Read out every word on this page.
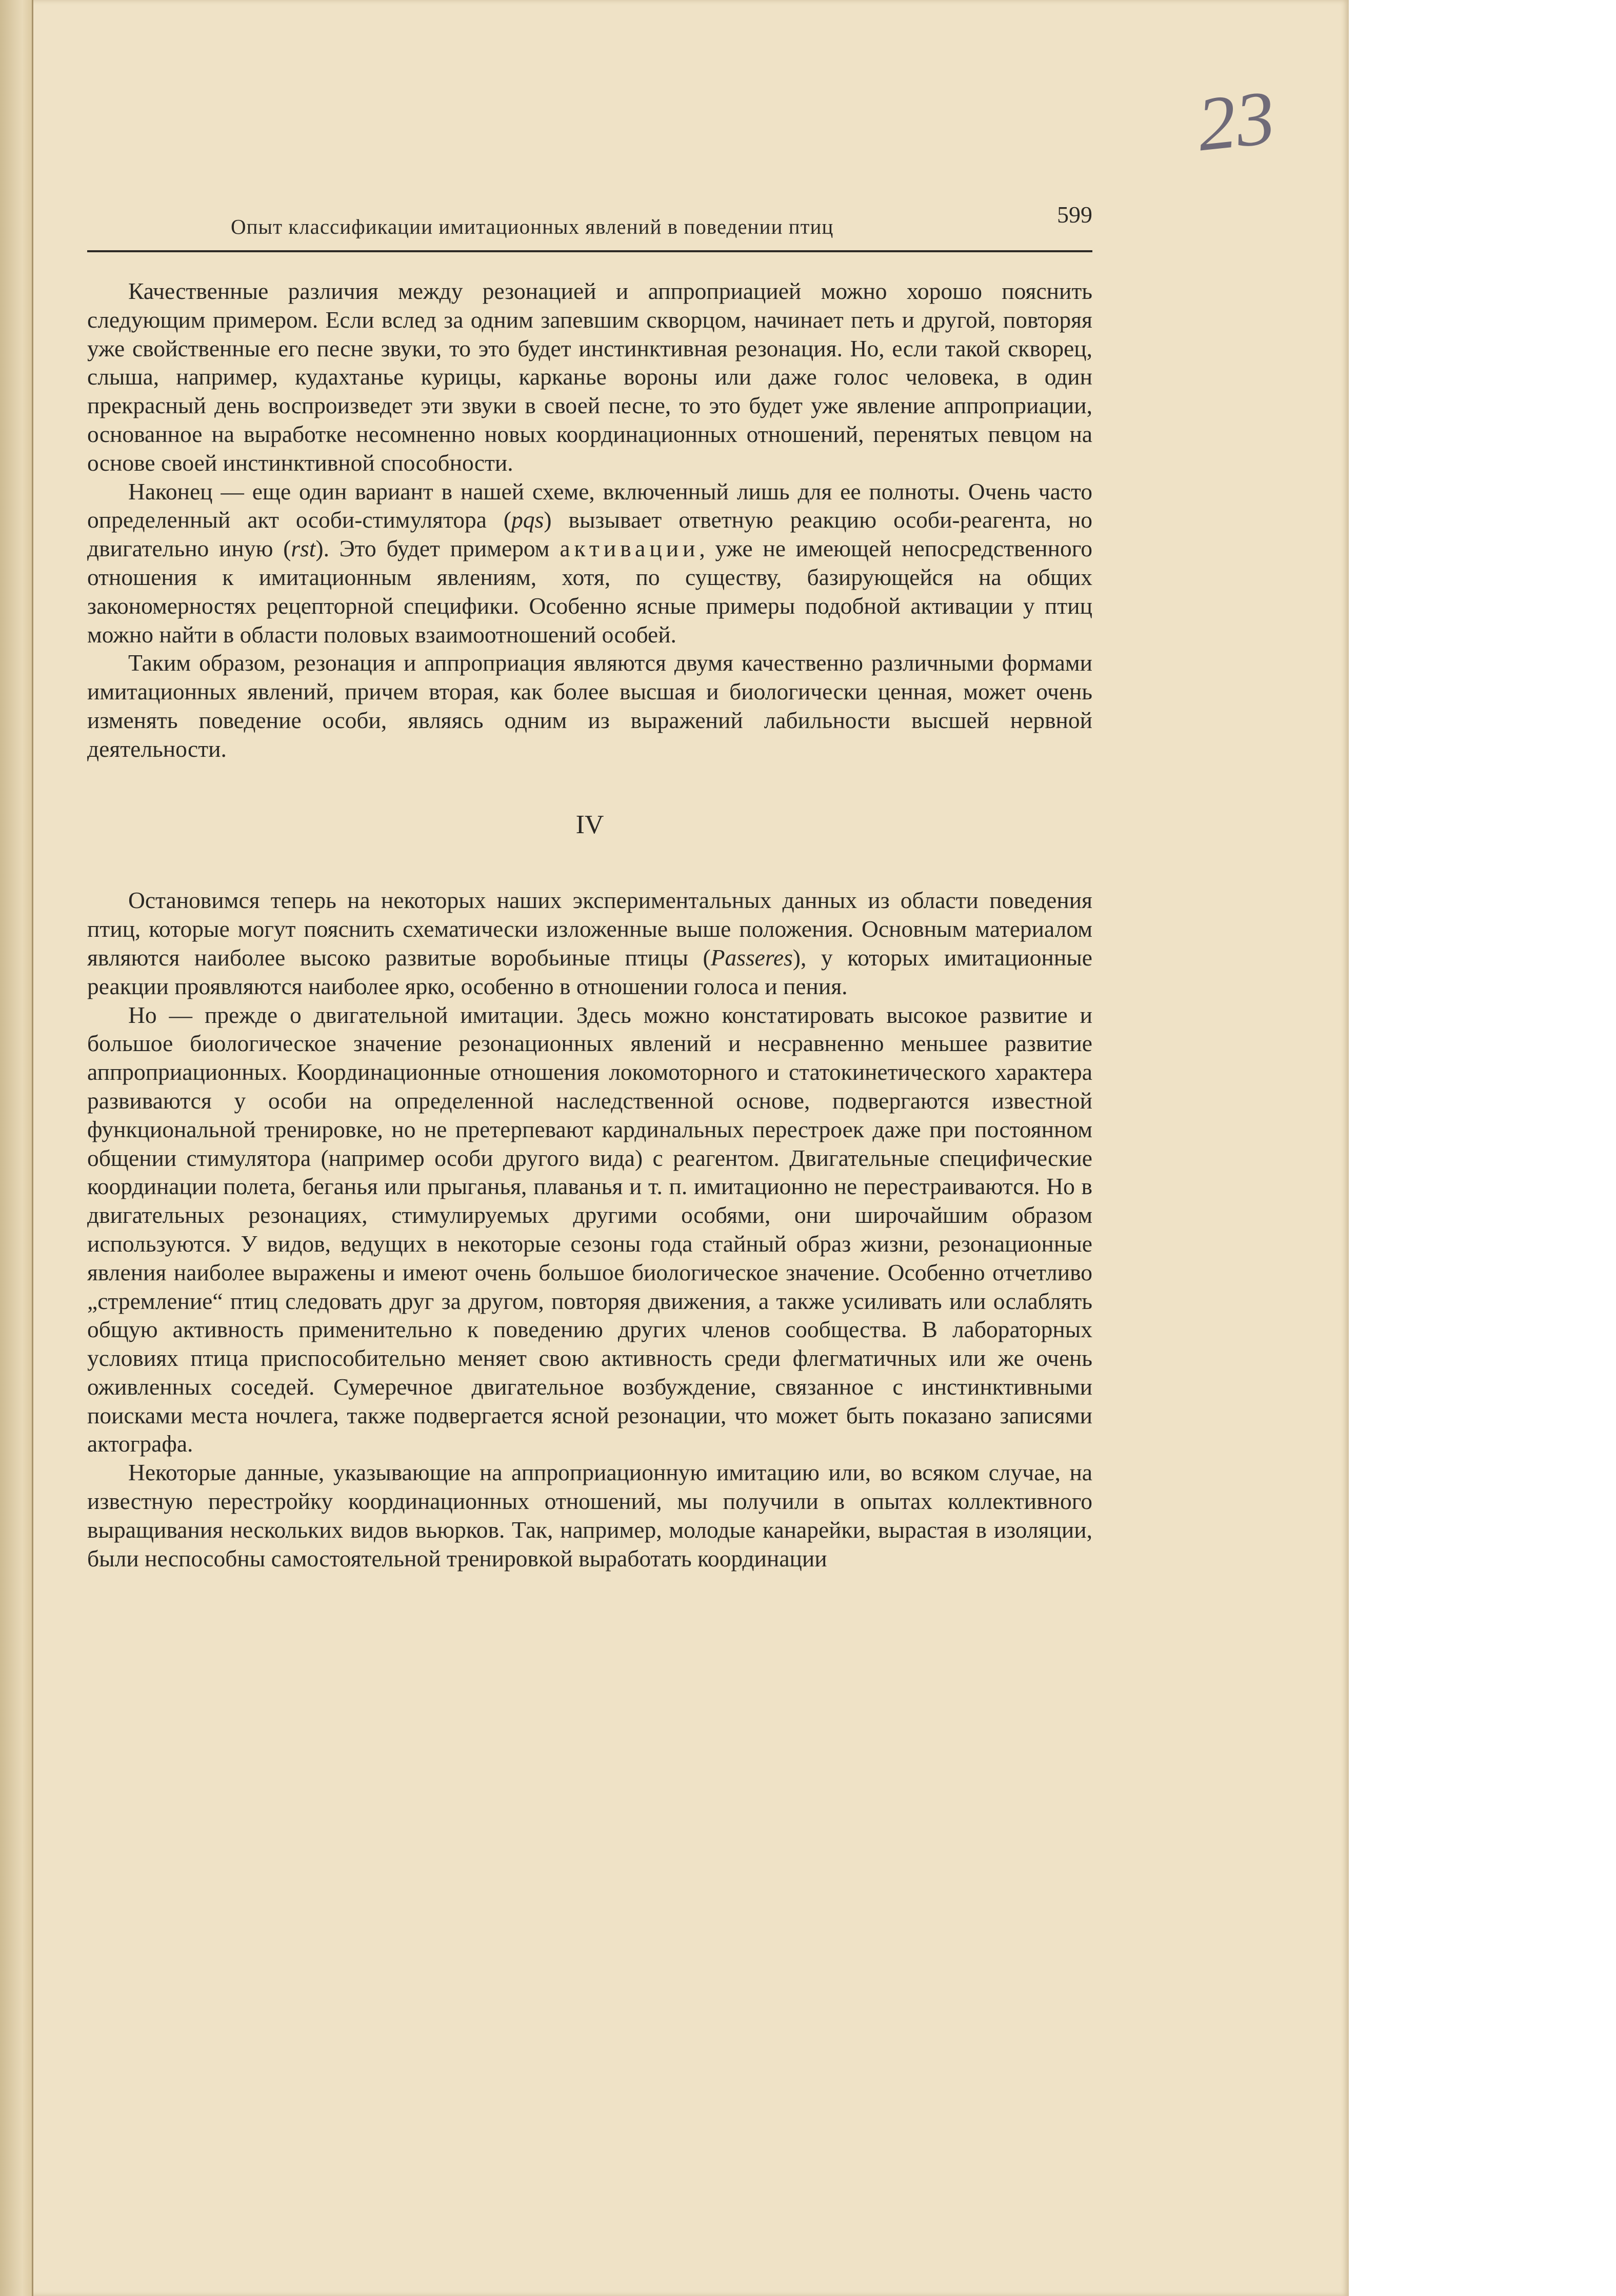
23
Опыт классификации имитационных явлений в поведении птиц	599

Качественные различия между резонацией и аппроприацией можно хорошо пояснить следующим примером. Если вслед за одним запевшим скворцом, начинает петь и другой, повторяя уже свойственные его песне звуки, то это будет инстинктивная резонация. Но, если такой скворец, слыша, например, кудахтанье курицы, карканье вороны или даже голос человека, в один прекрасный день воспроизведет эти звуки в своей песне, то это будет уже явление аппроприации, основанное на выработке несомненно новых координационных отношений, перенятых певцом на основе своей инстинктивной способности.

Наконец — еще один вариант в нашей схеме, включенный лишь для ее полноты. Очень часто определенный акт особи-стимулятора (pqs) вызывает ответную реакцию особи-реагента, но двигательно иную (rst). Это будет примером активации, уже не имеющей непосредственного отношения к имитационным явлениям, хотя, по существу, базирующейся на общих закономерностях рецепторной специфики. Особенно ясные примеры подобной активации у птиц можно найти в области половых взаимоотношений особей.

Таким образом, резонация и аппроприация являются двумя качественно различными формами имитационных явлений, причем вторая, как более высшая и биологически ценная, может очень изменять поведение особи, являясь одним из выражений лабильности высшей нервной деятельности.

IV

Остановимся теперь на некоторых наших экспериментальных данных из области поведения птиц, которые могут пояснить схематически изложенные выше положения. Основным материалом являются наиболее высоко развитые воробьиные птицы (Passeres), у которых имитационные реакции проявляются наиболее ярко, особенно в отношении голоса и пения.

Но — прежде о двигательной имитации. Здесь можно констатировать высокое развитие и большое биологическое значение резонационных явлений и несравненно меньшее развитие аппроприационных. Координационные отношения локомоторного и статокинетического характера развиваются у особи на определенной наследственной основе, подвергаются известной функциональной тренировке, но не претерпевают кардинальных перестроек даже при постоянном общении стимулятора (например особи другого вида) с реагентом. Двигательные специфические координации полета, беганья или прыганья, плаванья и т. п. имитационно не перестраиваются. Но в двигательных резонациях, стимулируемых другими особями, они широчайшим образом используются. У видов, ведущих в некоторые сезоны года стайный образ жизни, резонационные явления наиболее выражены и имеют очень большое биологическое значение. Особенно отчетливо „стремление“ птиц следовать друг за другом, повторяя движения, а также усиливать или ослаблять общую активность применительно к поведению других членов сообщества. В лабораторных условиях птица приспособительно меняет свою активность среди флегматичных или же очень оживленных соседей. Сумеречное двигательное возбуждение, связанное с инстинктивными поисками места ночлега, также подвергается ясной резонации, что может быть показано записями актографа.

Некоторые данные, указывающие на аппроприационную имитацию или, во всяком случае, на известную перестройку координационных отношений, мы получили в опытах коллективного выращивания нескольких видов вьюрков. Так, например, молодые канарейки, вырастая в изоляции, были неспособны самостоятельной тренировкой выработать координации
